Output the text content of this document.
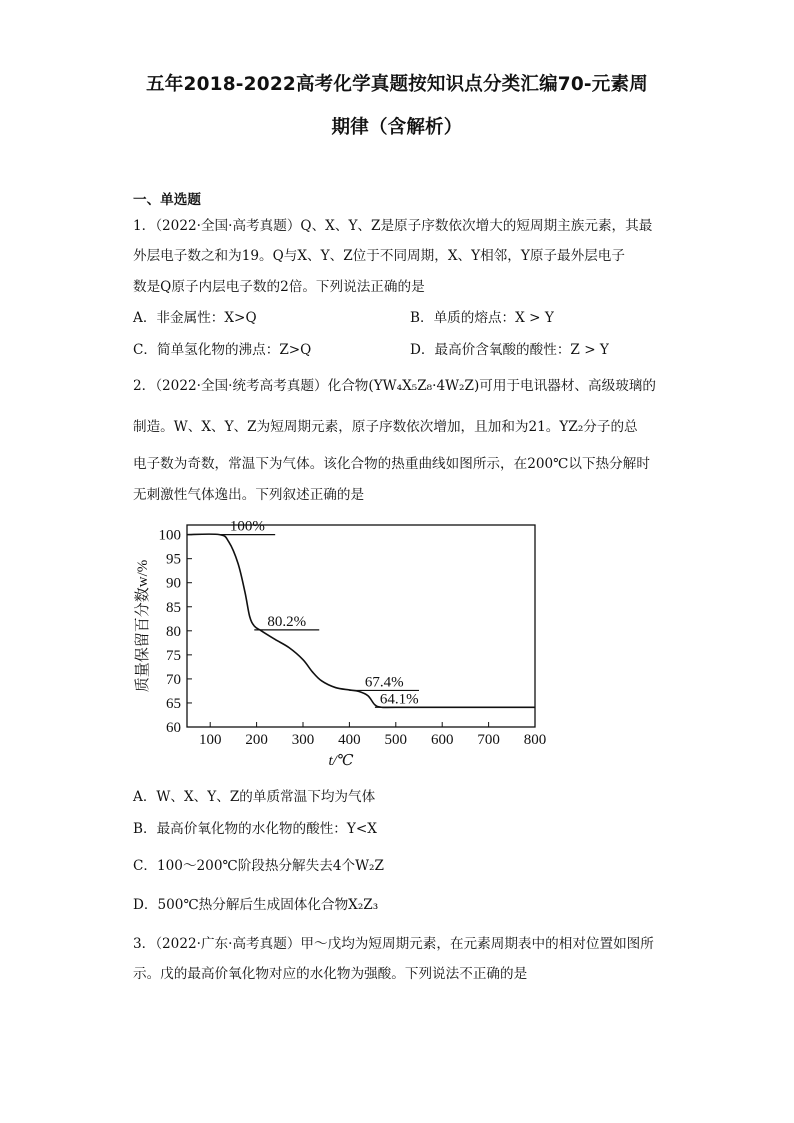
五年2018-2022高考化学真题按知识点分类汇编70-元素周
期律（含解析）
一、单选题
1．（2022·全国·高考真题）Q、X、Y、Z是原子序数依次增大的短周期主族元素，其最
外层电子数之和为19。Q与X、Y、Z位于不同周期，X、Y相邻，Y原子最外层电子
数是Q原子内层电子数的2倍。下列说法正确的是
A．非金属性：X>Q	B．单质的熔点：X > Y
C．简单氢化物的沸点：Z>Q	D．最高价含氧酸的酸性：Z > Y
2．（2022·全国·统考高考真题）化合物(YW₄X₅Z₈·4W₂Z)可用于电讯器材、高级玻璃的
制造。W、X、Y、Z为短周期元素，原子序数依次增加，且加和为21。YZ₂分子的总
电子数为奇数，常温下为气体。该化合物的热重曲线如图所示，在200℃以下热分解时
无刺激性气体逸出。下列叙述正确的是
100%
80.2%
67.4%
64.1%
60
65
70
75
80
85
90
95
100
100 200 300 400 500 600 700 800
t/℃
质量保留百分数w/%
A．W、X、Y、Z的单质常温下均为气体
B．最高价氧化物的水化物的酸性：Y<X
C．100～200℃阶段热分解失去4个W₂Z
D．500℃热分解后生成固体化合物X₂Z₃
3．（2022·广东·高考真题）甲～戊均为短周期元素，在元素周期表中的相对位置如图所
示。戊的最高价氧化物对应的水化物为强酸。下列说法不正确的是
